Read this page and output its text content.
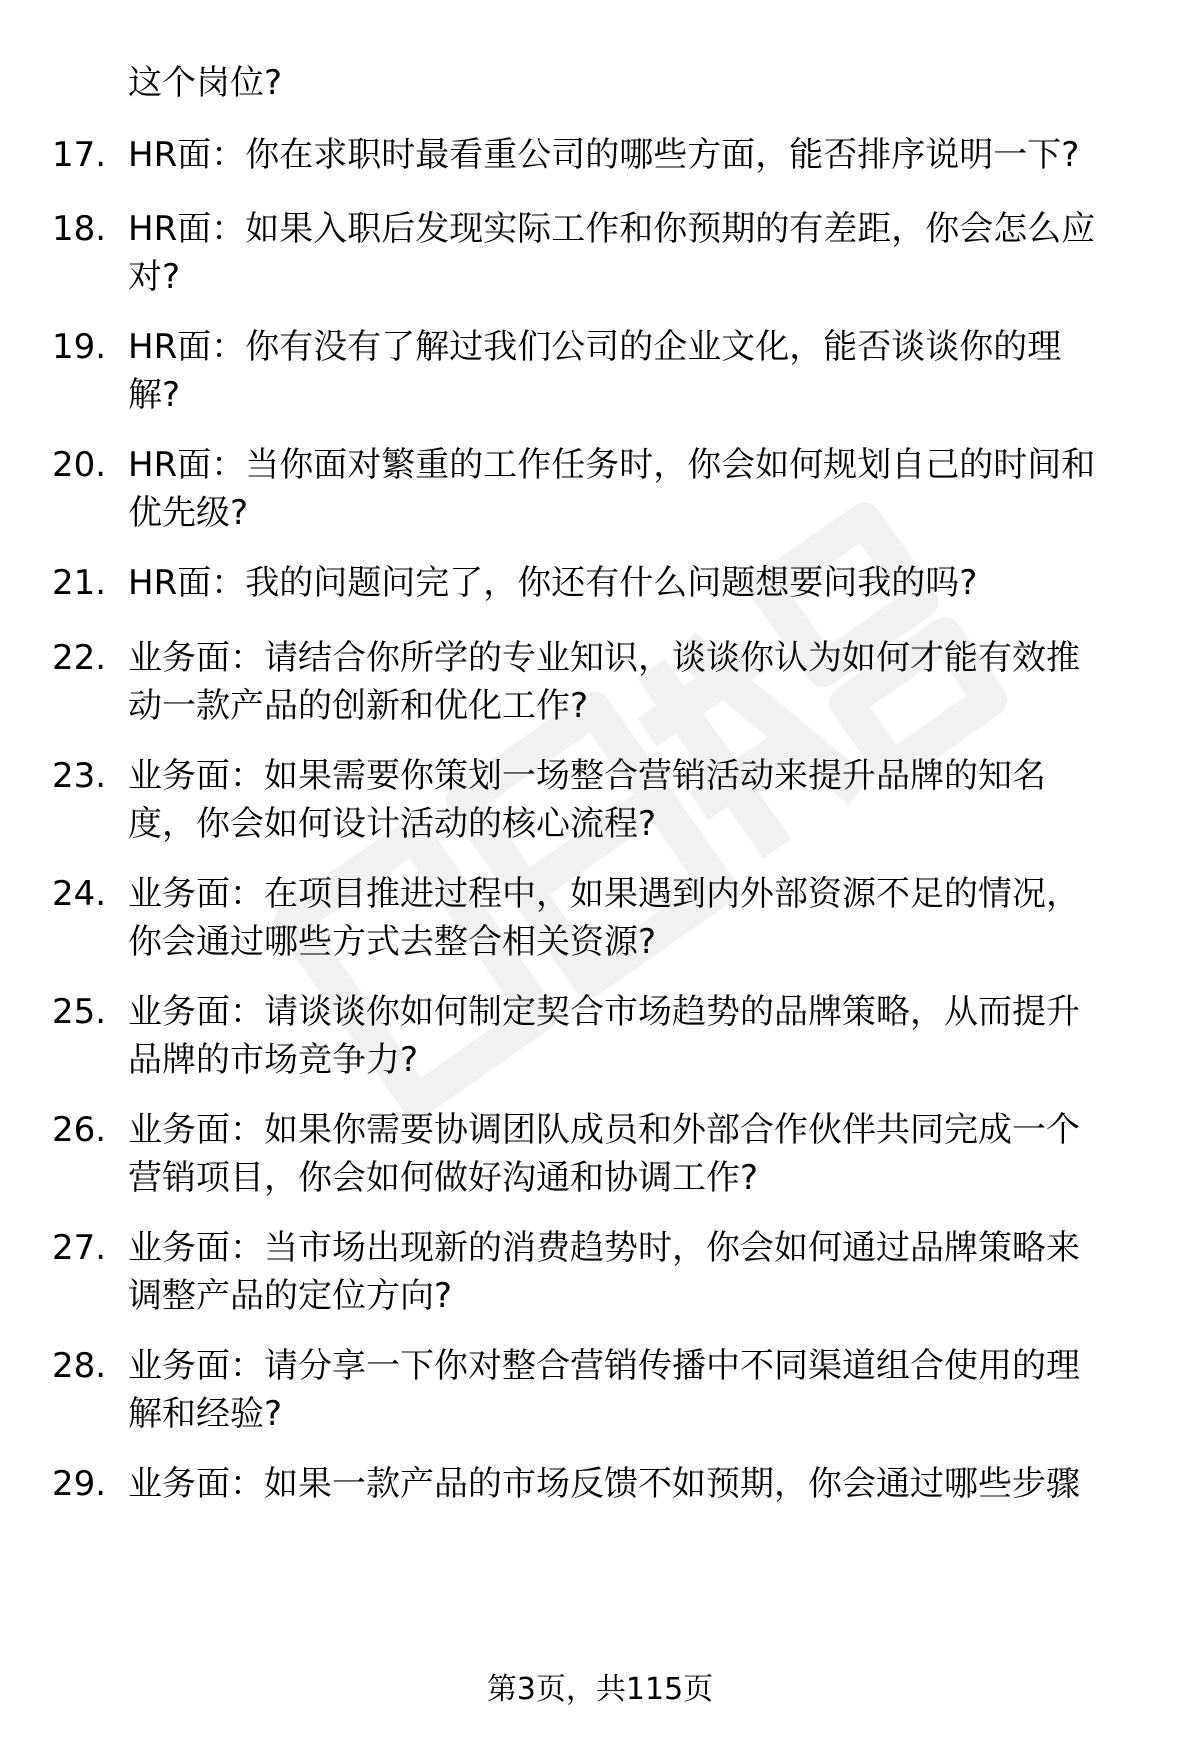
这个岗位?
17. HR面：你在求职时最看重公司的哪些方面，能否排序说明一下?
18. HR面：如果入职后发现实际工作和你预期的有差距，你会怎么应
对?
19. HR面：你有没有了解过我们公司的企业文化，能否谈谈你的理
解?
20. HR面：当你面对繁重的工作任务时，你会如何规划自己的时间和
优先级?
21. HR面：我的问题问完了，你还有什么问题想要问我的吗?
22. 业务面：请结合你所学的专业知识，谈谈你认为如何才能有效推
动一款产品的创新和优化工作?
23. 业务面：如果需要你策划一场整合营销活动来提升品牌的知名
度，你会如何设计活动的核心流程?
24. 业务面：在项目推进过程中，如果遇到内外部资源不足的情况，
你会通过哪些方式去整合相关资源?
25. 业务面：请谈谈你如何制定契合市场趋势的品牌策略，从而提升
品牌的市场竞争力?
26. 业务面：如果你需要协调团队成员和外部合作伙伴共同完成一个
营销项目，你会如何做好沟通和协调工作?
27. 业务面：当市场出现新的消费趋势时，你会如何通过品牌策略来
调整产品的定位方向?
28. 业务面：请分享一下你对整合营销传播中不同渠道组合使用的理
解和经验?
29. 业务面：如果一款产品的市场反馈不如预期，你会通过哪些步骤
第3页，共115页
